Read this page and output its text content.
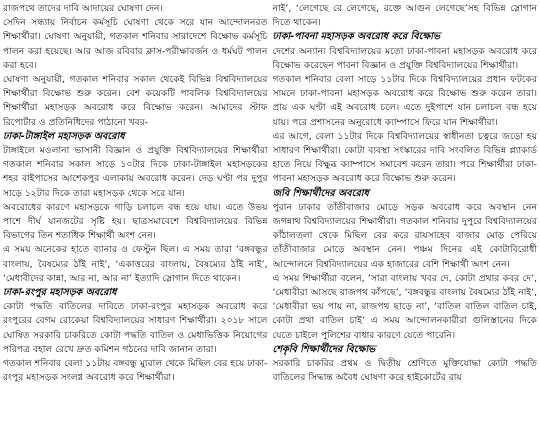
রাজপথে তাদের দাবি আদায়ের ঘোষণা দেন।

সেদিন সন্ধ্যায় নির্বাচন কর্মসূচি ঘোষণা থেকে সরে যান আন্দোলনরত শিক্ষার্থীরা। ঘোষণা অনুযায়ী, গতকাল শনিবার সারাদেশে বিক্ষোভ কর্মসূচি পালন করা হয়েছে। আর আজ রবিবার ক্লাস-পরীক্ষাবর্জন ও ধর্মঘট পালন করা হবে।

ঘোষণা অনুযায়ী, গতকাল শনিবার সকাল থেকেই বিভিন্ন বিশ্ববিদ্যালয়ের শিক্ষার্থীরা বিক্ষোভ শুরু করেন। বেশ কয়েকটি পাবলিক বিশ্ববিদ্যালয়ের শিক্ষার্থীরা মহাসড়ক অবরোধ করে বিক্ষোভ করেন। আমাদের স্টাফ রিপোর্টার ও প্রতিনিধিদের পাঠানো খবর-

ঢাকা-টাঙ্গাইল মহাসড়ক অবরোধ

টাঙ্গাইলে মওলানা ভাসানী বিজ্ঞান ও প্রযুক্তি বিশ্ববিদ্যালয়ের শিক্ষার্থীরা গতকাল শনিবার সকাল সাড়ে ১০টার দিকে ঢাকা-টাঙ্গাইল মহাসড়কের শহর বাইপাসের আশেকপুর এলাকায় অবরোধ করেন। দেড় ঘণ্টা পর দুপুর সাড়ে ১২টার দিকে তারা মহাসড়ক থেকে সরে যান।

অবরোধের কারণে মহাসড়কে গাড়ি চলাচল বন্ধ হয়ে যায়। এতে উভয় পাশে দীর্ঘ যানজটের সৃষ্টি হয়। ছাত্রসমাবেশে বিশ্ববিদ্যালয়ের বিভিন্ন বিভাগের তিন শতাধিক শিক্ষার্থী অংশ নেন।

এ সময় অনেকের হাতে ব্যানার ও ফেস্টুন ছিল। এ সময় তারা ‘বঙ্গবন্ধুর বাংলায়, বৈষম্যের ঠাঁই নাই’, ‘একাত্তরের বাংলায়, বৈষম্যের ঠাঁই নাই’, ‘মেধাবীদের কান্না, আর না, আর না’ ইত্যাদি স্লোগান দিতে থাকেন।

ঢাকা-রংপুর মহাসড়ক অবরোধ

কোটা পদ্ধতি বাতিলের দাবিতে ঢাকা-রংপুর মহাসড়ক অবরোধ করে রংপুরের বেগম রোকেয়া বিশ্ববিদ্যালয়ের সাধারণ শিক্ষার্থীরা। ২০১৮ সালে ঘোষিত সরকারি চাকরিতে কোটা পদ্ধতি বাতিল ও মেধাভিত্তিক নিয়োগের পরিপত্র বহাল রেখে দ্রুত কমিশন গঠনের দাবি জানান তারা।

গতকাল শনিবার বেলা ১১টায় বঙ্গবন্ধু ম্যুরাল থেকে মিছিল বের হয়ে ঢাকা-রংপুর মহাসড়ক সংলগ্ন অবরোধ করে শিক্ষার্থীরা।

নাই’, ‘লেগেছে রে লেগেছে, রক্তে আগুন লেগেছে’সহ বিভিন্ন স্লোগান দিতে থাকেন।

ঢাকা-পাবনা মহাসড়ক অবরোধ করে বিক্ষোভ

দেশের অন্যান্য বিশ্ববিদ্যালয়ের মতো ঢাকা-পাবনা মহাসড়ক অবরোধ করে বিক্ষোভ করেছেন পাবনা বিজ্ঞান ও প্রযুক্তি বিশ্ববিদ্যালয়ের শিক্ষার্থীরা।

গতকাল শনিবার বেলা সাড়ে ১১টার দিকে বিশ্ববিদ্যালয়ের প্রধান ফটকের সামনে ঢাকা-পাবনা মহাসড়ক অবরোধ করে বিক্ষোভ শুরু করেন তারা। প্রায় এক ঘণ্টা এই অবরোধ চলে। এতে দুইপাশে যান চলাচল বন্ধ হয়ে যায়। পরে প্রশাসনের অনুরোধে ক্যাম্পাসে ফিরে যান শিক্ষার্থীরা।

এর আগে, বেলা ১১টার দিকে বিশ্ববিদ্যালয়ের স্বাধীনতা চত্বরে জড়ো হয় সাধারণ শিক্ষার্থীরা। কোটা ব্যবস্থা সংস্কারের দাবি সংবলিত বিভিন্ন প্ল্যাকার্ড হাতে নিয়ে বিক্ষুব্ধ ক্যাম্পাসে সমাবেশ করেন তারা। পরে শিক্ষার্থীরা ঢাকা-পাবনা মহাসড়ক অবরোধ করে বিক্ষোভ শুরু করেন।

জবি শিক্ষার্থীদের অবরোধ

পুরান ঢাকার তাঁতীবাজার মোড়ে সড়ক অবরোধ করে অবস্থান নেন জগন্নাথ বিশ্ববিদ্যালয়ের শিক্ষার্থীরা। গতকাল শনিবার দুপুরে বিশ্ববিদ্যালয়ের কাঁঠালতলা থেকে মিছিল বের করে রায়সাহেব বাজার মোড় পেরিয়ে তাঁতীবাজার মোড়ে অবস্থান নেন। পঞ্চম দিনের এই কোটাবিরোধী আন্দোলনে বিশ্ববিদ্যালয়ের এক হাজারের বেশি শিক্ষার্থী অংশ নেন।

এ সময় শিক্ষার্থীরা বলেন, ‘সারা বাংলায় খবর দে, কোটা প্রথার কবর দে’, ‘মেধাবীরা আসছে রাজপথ কাঁপছে’, ‘বঙ্গবন্ধুর বাংলায় বৈষম্যের ঠাঁই নাই’, ‘মেধাবীরা ভয় পায় না, রাজপথ ছাড়ে না’, ‘বাতিল বাতিল বাতিল চাই, কোটা প্রথা বাতিল চাই’ এ সময় আন্দোলনকারীরা গুলিস্তানের দিকে যেতে চাইলে পুলিশের বাধার কারণে যেতে পারেনি।

শেকৃবি শিক্ষার্থীদের বিক্ষোভ

সরকারি চাকরির প্রথম ও দ্বিতীয় শ্রেণিতে মুক্তিযোদ্ধা কোটা পদ্ধতি বাতিলের সিদ্ধান্ত অবৈধ ঘোষণা করে হাইকোর্টের রায়
